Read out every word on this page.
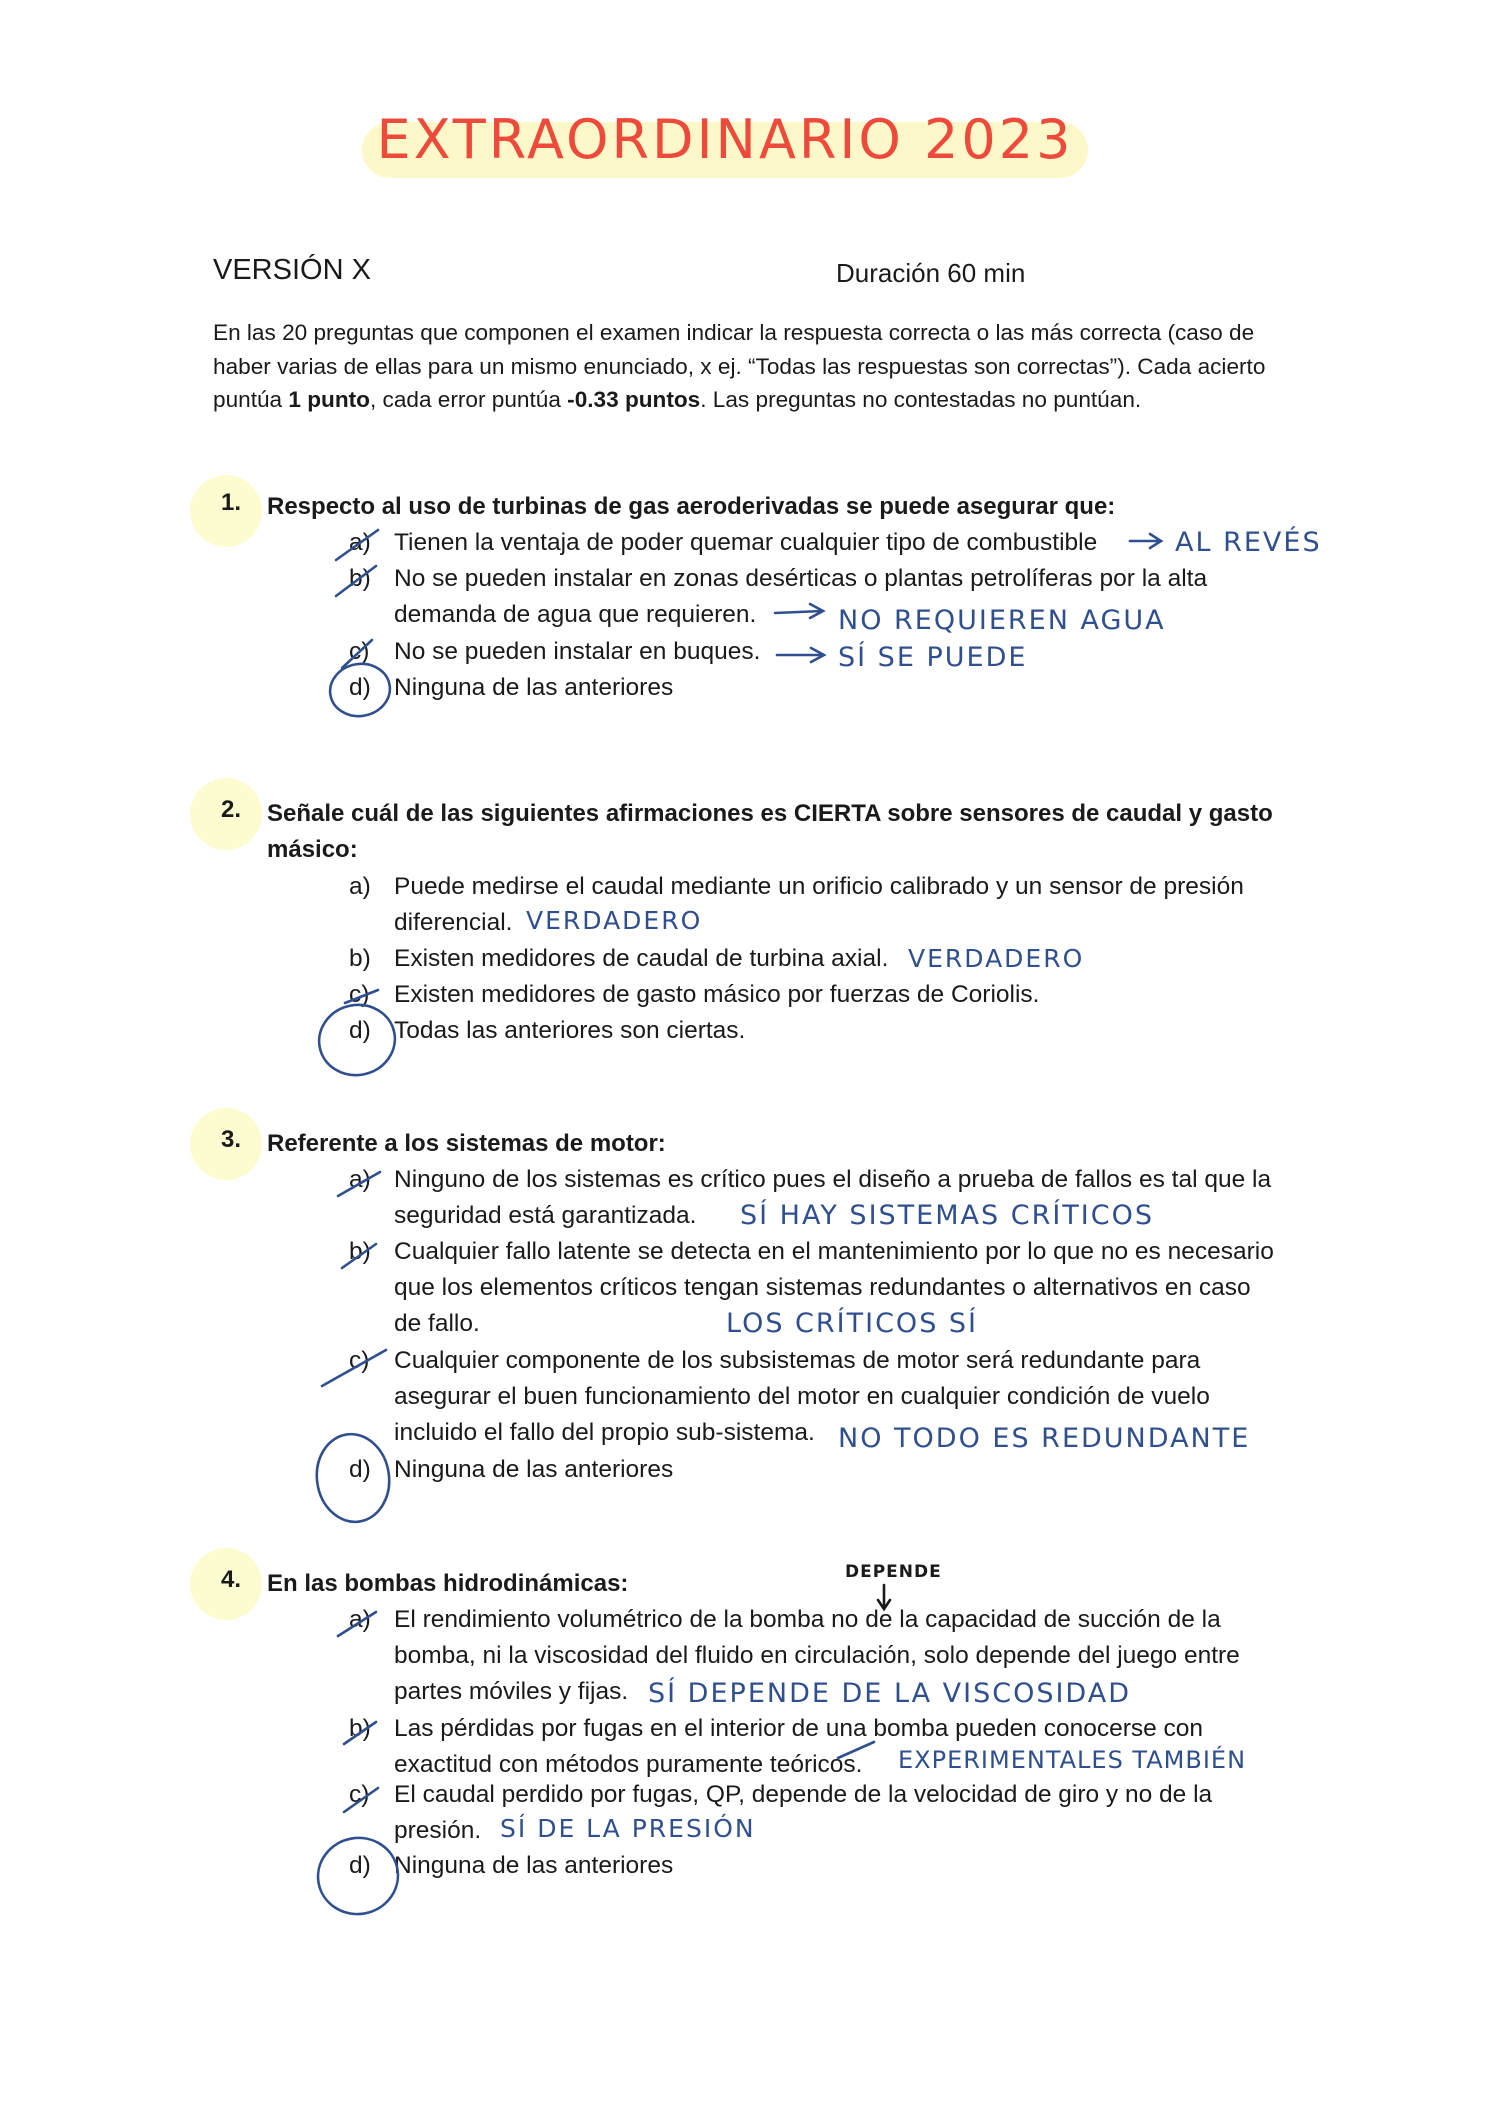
EXTRAORDINARIO 2023
VERSIÓN X	Duración 60 min
En las 20 preguntas que componen el examen indicar la respuesta correcta o las más correcta (caso de haber varias de ellas para un mismo enunciado, x ej. “Todas las respuestas son correctas”). Cada acierto puntúa 1 punto, cada error puntúa -0.33 puntos. Las preguntas no contestadas no puntúan.
1. Respecto al uso de turbinas de gas aeroderivadas se puede asegurar que:
a) Tienen la ventaja de poder quemar cualquier tipo de combustible	AL REVÉS
b) No se pueden instalar en zonas desérticas o plantas petrolíferas por la alta demanda de agua que requieren.	NO REQUIEREN AGUA
c) No se pueden instalar en buques.	SÍ SE PUEDE
d) Ninguna de las anteriores
2. Señale cuál de las siguientes afirmaciones es CIERTA sobre sensores de caudal y gasto másico:
a) Puede medirse el caudal mediante un orificio calibrado y un sensor de presión diferencial. VERDADERO
b) Existen medidores de caudal de turbina axial. VERDADERO
c) Existen medidores de gasto másico por fuerzas de Coriolis.
d) Todas las anteriores son ciertas.
3. Referente a los sistemas de motor:
a) Ninguno de los sistemas es crítico pues el diseño a prueba de fallos es tal que la seguridad está garantizada.	SÍ HAY SISTEMAS CRÍTICOS
b) Cualquier fallo latente se detecta en el mantenimiento por lo que no es necesario que los elementos críticos tengan sistemas redundantes o alternativos en caso de fallo.	LOS CRÍTICOS SÍ
c) Cualquier componente de los subsistemas de motor será redundante para asegurar el buen funcionamiento del motor en cualquier condición de vuelo incluido el fallo del propio sub-sistema. NO TODO ES REDUNDANTE
d) Ninguna de las anteriores
4. En las bombas hidrodinámicas:	DEPENDE
a) El rendimiento volumétrico de la bomba no de la capacidad de succión de la bomba, ni la viscosidad del fluido en circulación, solo depende del juego entre partes móviles y fijas. SÍ DEPENDE DE LA VISCOSIDAD
b) Las pérdidas por fugas en el interior de una bomba pueden conocerse con exactitud con métodos puramente teóricos.	EXPERIMENTALES TAMBIÉN
c) El caudal perdido por fugas, QP, depende de la velocidad de giro y no de la presión. SÍ DE LA PRESIÓN
d) Ninguna de las anteriores
